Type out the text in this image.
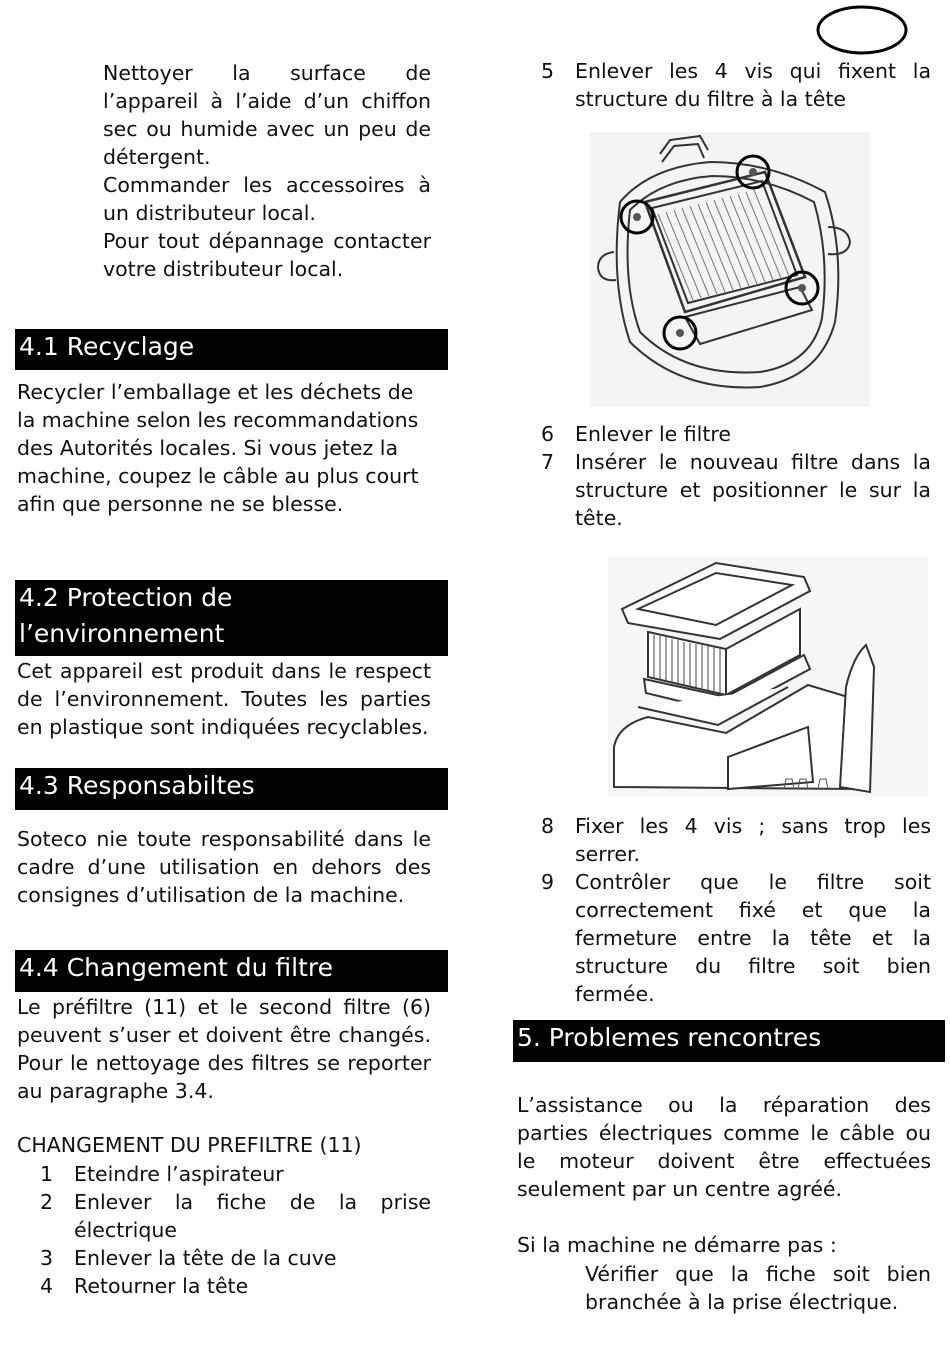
Nettoyer la surface de l’appareil à l’aide d’un chiffon sec ou humide avec un peu de détergent.

Commander les accessoires à un distributeur local.

Pour tout dépannage contacter votre distributeur local.

4.1 Recyclage
Recycler l’emballage et les déchets de la machine selon les recommandations des Autorités locales. Si vous jetez la machine, coupez le câble au plus court afin que personne ne se blesse.
4.2 Protection de
l’environnement
Cet appareil est produit dans le respect de l’environnement. Toutes les parties en plastique sont indiquées recyclables.
4.3 Responsabiltes
Soteco nie toute responsabilité dans le cadre d’une utilisation en dehors des consignes d’utilisation de la machine.
4.4 Changement du filtre
Le préfiltre (11) et le second filtre (6) peuvent s’user et doivent être changés. Pour le nettoyage des filtres se reporter au paragraphe 3.4.
CHANGEMENT DU PREFILTRE (11)
1	Eteindre l’aspirateur
2	Enlever la fiche de la prise électrique
3	Enlever la tête de la cuve
4	Retourner la tête
5	Enlever les 4 vis qui fixent la structure du filtre à la tête
6	Enlever le filtre
7	Insérer le nouveau filtre dans la structure et positionner le sur la tête.
8	Fixer les 4 vis ; sans trop les serrer.
9	Contrôler que le filtre soit correctement fixé et que la fermeture entre la tête et la structure du filtre soit bien fermée.
5. Problemes rencontres
L’assistance ou la réparation des parties électriques comme le câble ou le moteur doivent être effectuées seulement par un centre agréé.
Si la machine ne démarre pas :
Vérifier que la fiche soit bien branchée à la prise électrique.
